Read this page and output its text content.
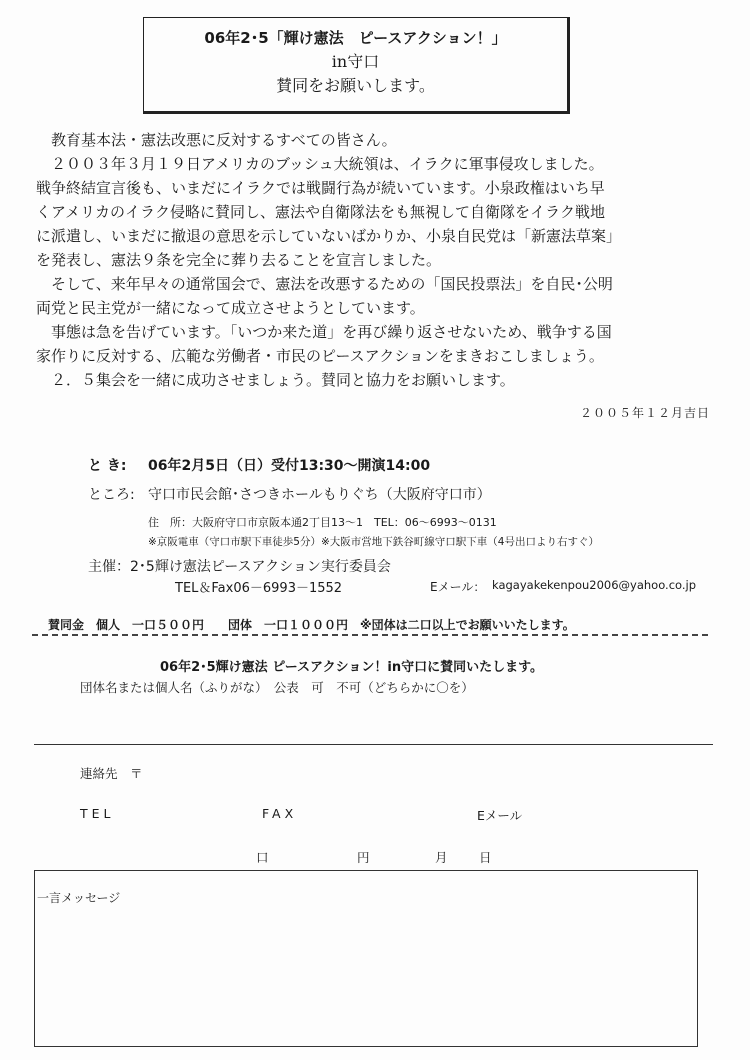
06年2･5「輝け憲法　ピースアクション！」
in守口
賛同をお願いします。

教育基本法・憲法改悪に反対するすべての皆さん。

２００３年３月１９日アメリカのブッシュ大統領は、イラクに軍事侵攻しました。

戦争終結宣言後も、いまだにイラクでは戦闘行為が続いています。小泉政権はいち早

くアメリカのイラク侵略に賛同し、憲法や自衛隊法をも無視して自衛隊をイラク戦地

に派遣し、いまだに撤退の意思を示していないばかりか、小泉自民党は「新憲法草案」

を発表し、憲法９条を完全に葬り去ることを宣言しました。

そして、来年早々の通常国会で、憲法を改悪するための「国民投票法」を自民･公明

両党と民主党が一緒になって成立させようとしています。

事態は急を告げています。「いつか来た道」を再び繰り返させないため、戦争する国

家作りに反対する、広範な労働者・市民のピースアクションをまきおこしましょう。

２．５集会を一緒に成功させましょう。賛同と協力をお願いします。

２００５年１２月吉日
と き: 06年2月5日（日）受付13:30～開演14:00
ところ: 守口市民会館･さつきホールもりぐち（大阪府守口市）
住　所：大阪府守口市京阪本通2丁目13～1　TEL：06～6993～0131
※京阪電車（守口市駅下車徒歩5分）※大阪市営地下鉄谷町線守口駅下車（4号出口より右すぐ）
主催：2･5輝け憲法ピースアクション実行委員会
TEL＆Fax06－6993－1552	Eメール： kagayakekenpou2006@yahoo.co.jp
賛同金　個人　一口５００円　　団体　一口１０００円　※団体は二口以上でお願いいたします。
06年2･5輝け憲法 ピースアクション！in守口に賛同いたします。
団体名または個人名（ふりがな）　公表　可　不可（どちらかに〇を）
連絡先　〒
TEL	FAX	Eメール
口	円	月	日
一言メッセージ
